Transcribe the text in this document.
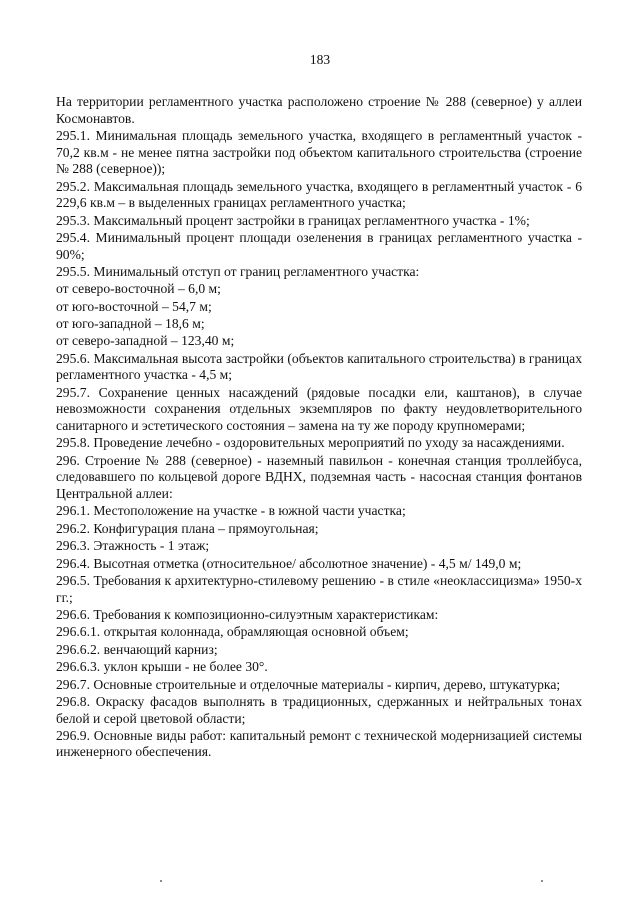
183

На территории регламентного участка расположено строение № 288 (северное) у аллеи Космонавтов.

295.1. Минимальная площадь земельного участка, входящего в регламентный участок - 70,2 кв.м - не менее пятна застройки под объектом капитального строительства (строение № 288 (северное));

295.2. Максимальная площадь земельного участка, входящего в регламентный участок - 6 229,6 кв.м – в выделенных границах регламентного участка;

295.3. Максимальный процент застройки в границах регламентного участка - 1%;

295.4. Минимальный процент площади озеленения в границах регламентного участка - 90%;

295.5. Минимальный отступ от границ регламентного участка:

от северо-восточной – 6,0 м;

от юго-восточной – 54,7 м;

от юго-западной – 18,6 м;

от северо-западной – 123,40 м;

295.6. Максимальная высота застройки (объектов капитального строительства) в границах регламентного участка - 4,5 м;

295.7. Сохранение ценных насаждений (рядовые посадки ели, каштанов), в случае невозможности сохранения отдельных экземпляров по факту неудовлетворительного санитарного и эстетического состояния – замена на ту же породу крупномерами;

295.8. Проведение лечебно - оздоровительных мероприятий по уходу за насаждениями.

296. Строение № 288 (северное) - наземный павильон - конечная станция троллейбуса, следовавшего по кольцевой дороге ВДНХ, подземная часть - насосная станция фонтанов Центральной аллеи:

296.1. Местоположение на участке - в южной части участка;

296.2. Конфигурация плана – прямоугольная;

296.3. Этажность - 1 этаж;

296.4. Высотная отметка (относительное/ абсолютное значение) - 4,5 м/ 149,0 м;

296.5. Требования к архитектурно-стилевому решению - в стиле «неоклассицизма» 1950-х гг.;

296.6. Требования к композиционно-силуэтным характеристикам:

296.6.1. открытая колоннада, обрамляющая основной объем;

296.6.2. венчающий карниз;

296.6.3. уклон крыши - не более 30°.

296.7. Основные строительные и отделочные материалы - кирпич, дерево, штукатурка;

296.8. Окраску фасадов выполнять в традиционных, сдержанных и нейтральных тонах белой и серой цветовой области;

296.9. Основные виды работ: капитальный ремонт с технической модернизацией системы инженерного обеспечения.
